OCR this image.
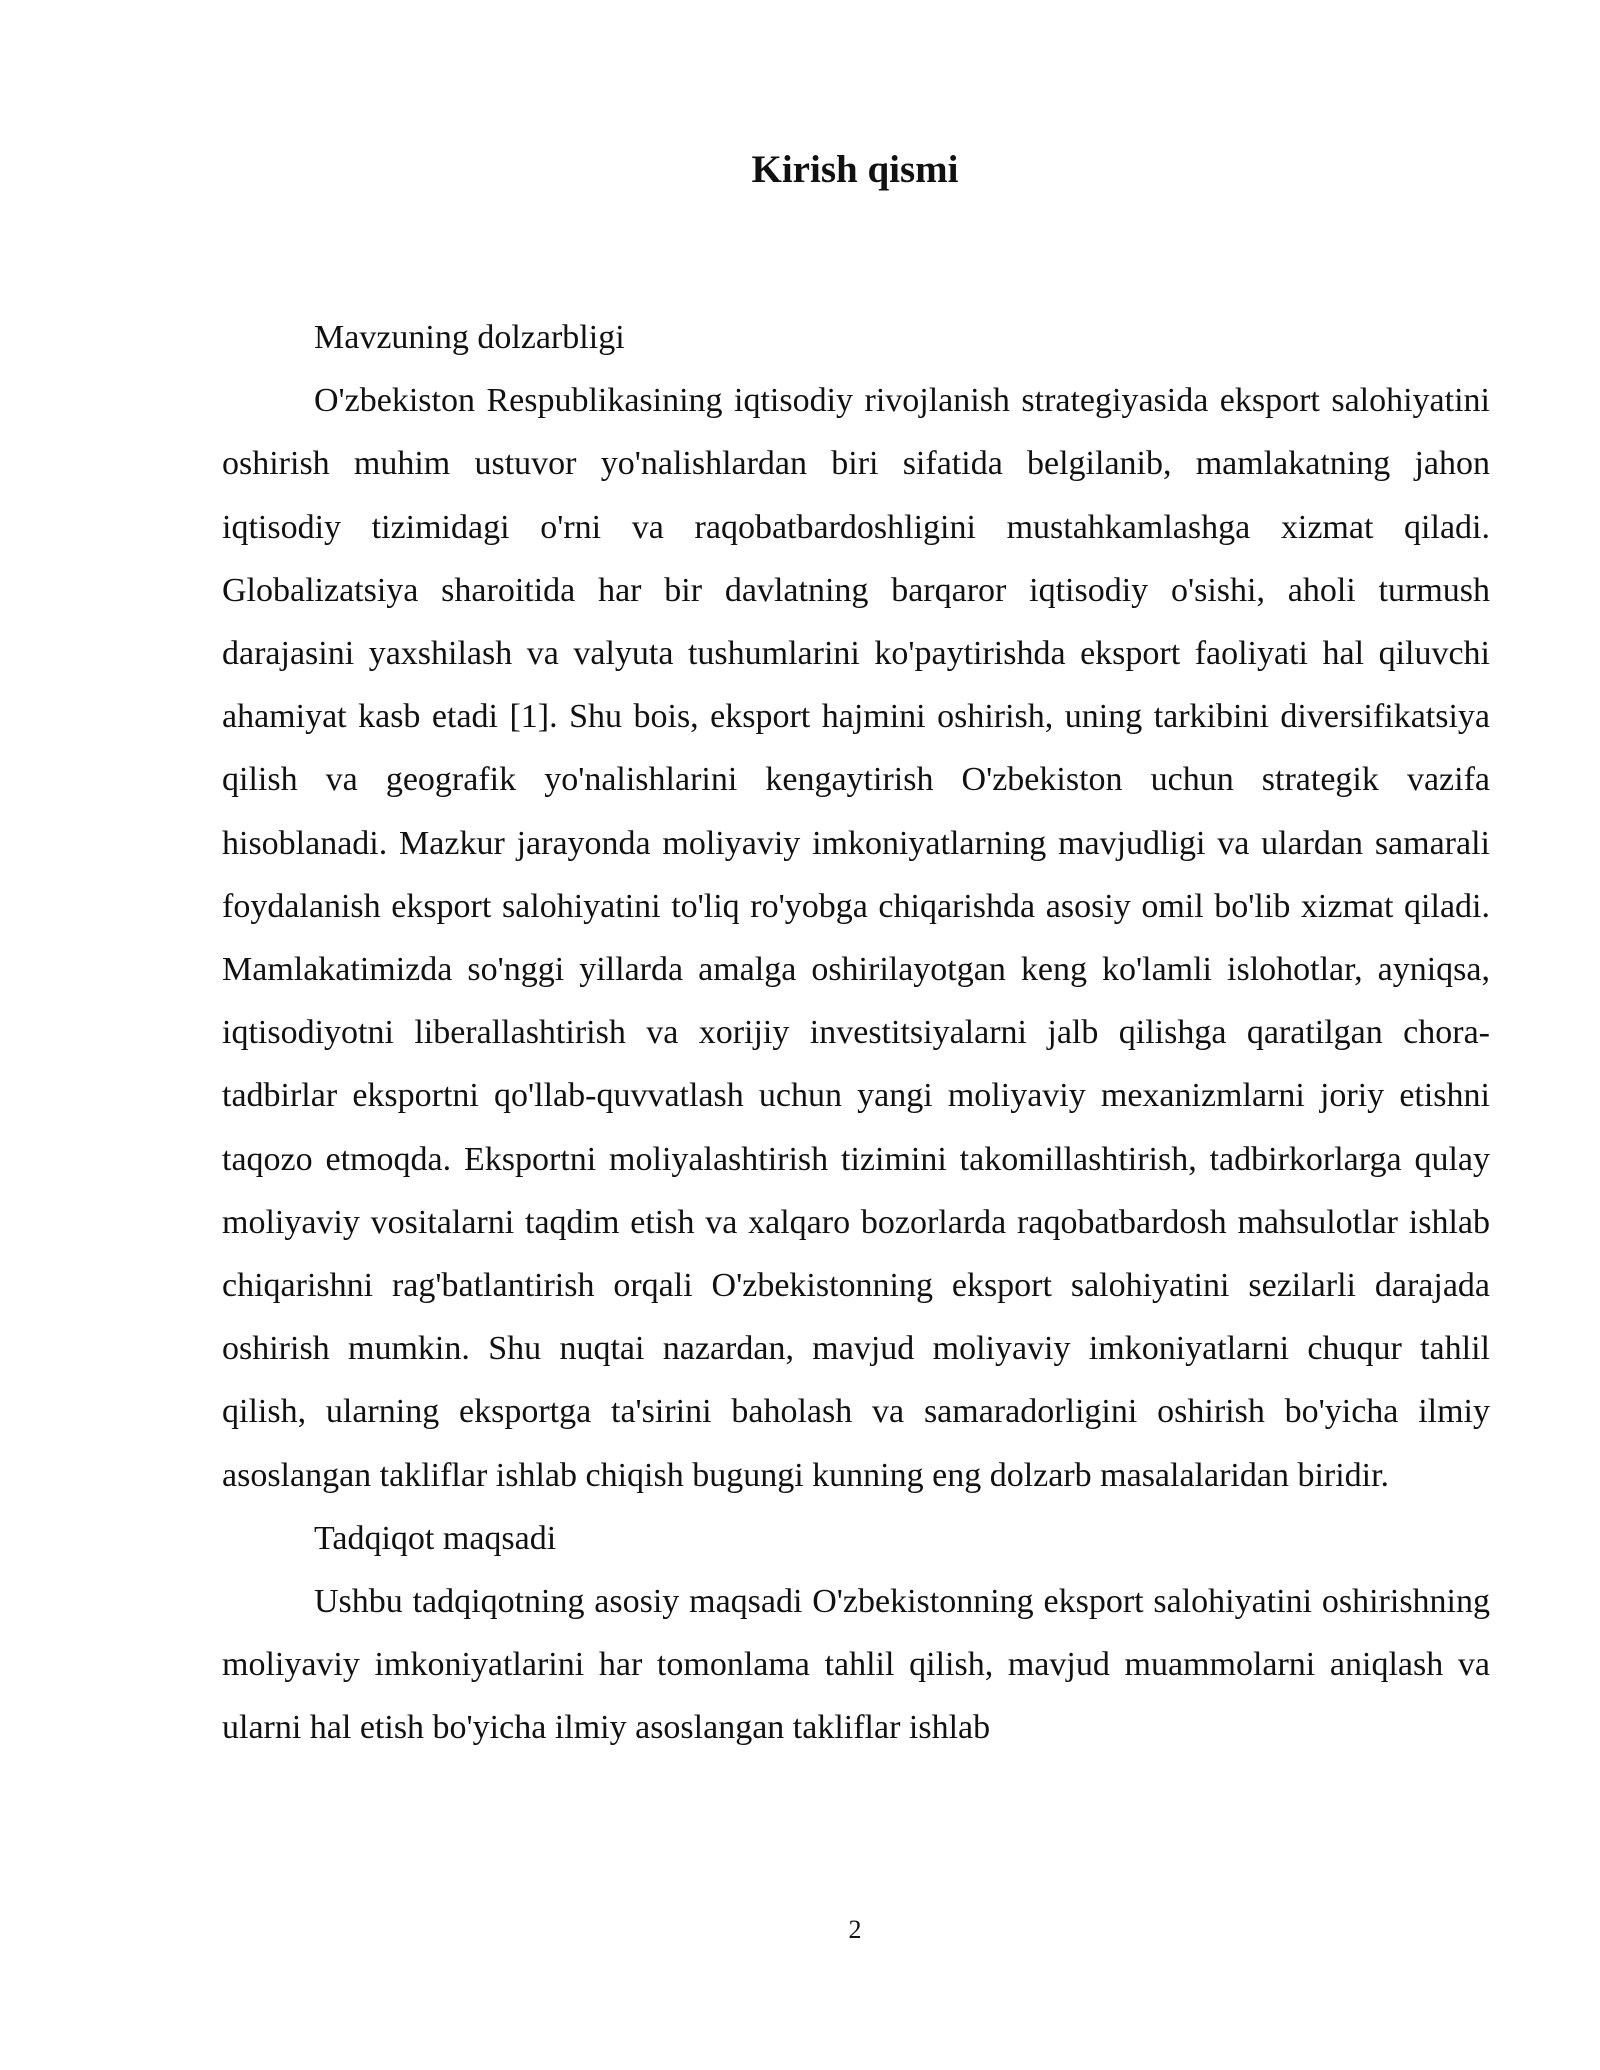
Kirish qismi

Mavzuning dolzarbligi

O'zbekiston Respublikasining iqtisodiy rivojlanish strategiyasida eksport salohiyatini oshirish muhim ustuvor yo'nalishlardan biri sifatida belgilanib, mamlakatning jahon iqtisodiy tizimidagi o'rni va raqobatbardoshligini mustahkamlashga xizmat qiladi. Globalizatsiya sharoitida har bir davlatning barqaror iqtisodiy o'sishi, aholi turmush darajasini yaxshilash va valyuta tushumlarini ko'paytirishda eksport faoliyati hal qiluvchi ahamiyat kasb etadi [1]. Shu bois, eksport hajmini oshirish, uning tarkibini diversifikatsiya qilish va geografik yo'nalishlarini kengaytirish O'zbekiston uchun strategik vazifa hisoblanadi. Mazkur jarayonda moliyaviy imkoniyatlarning mavjudligi va ulardan samarali foydalanish eksport salohiyatini to'liq ro'yobga chiqarishda asosiy omil bo'lib xizmat qiladi. Mamlakatimizda so'nggi yillarda amalga oshirilayotgan keng ko'lamli islohotlar, ayniqsa, iqtisodiyotni liberallashtirish va xorijiy investitsiyalarni jalb qilishga qaratilgan chora-tadbirlar eksportni qo'llab-quvvatlash uchun yangi moliyaviy mexanizmlarni joriy etishni taqozo etmoqda. Eksportni moliyalashtirish tizimini takomillashtirish, tadbirkorlarga qulay moliyaviy vositalarni taqdim etish va xalqaro bozorlarda raqobatbardosh mahsulotlar ishlab chiqarishni rag'batlantirish orqali O'zbekistonning eksport salohiyatini sezilarli darajada oshirish mumkin. Shu nuqtai nazardan, mavjud moliyaviy imkoniyatlarni chuqur tahlil qilish, ularning eksportga ta'sirini baholash va samaradorligini oshirish bo'yicha ilmiy asoslangan takliflar ishlab chiqish bugungi kunning eng dolzarb masalalaridan biridir.

Tadqiqot maqsadi

Ushbu tadqiqotning asosiy maqsadi O'zbekistonning eksport salohiyatini oshirishning moliyaviy imkoniyatlarini har tomonlama tahlil qilish, mavjud muammolarni aniqlash va ularni hal etish bo'yicha ilmiy asoslangan takliflar ishlab

2
